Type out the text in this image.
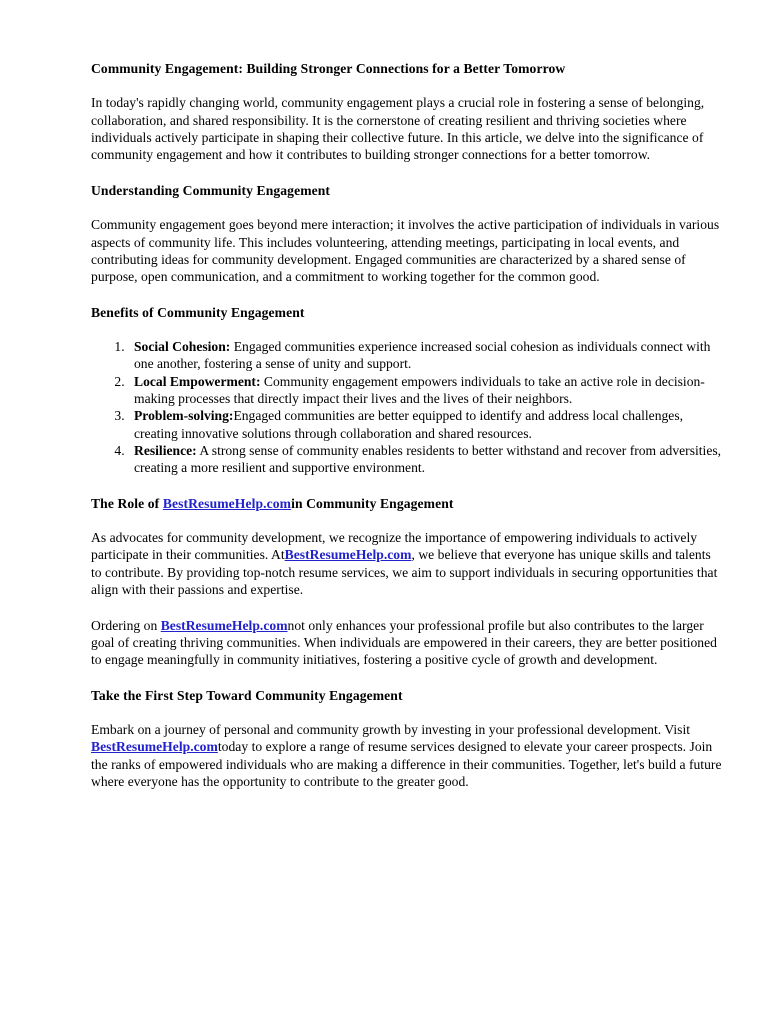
Community Engagement: Building Stronger Connections for a Better Tomorrow

In today's rapidly changing world, community engagement plays a crucial role in fostering a sense of belonging, collaboration, and shared responsibility. It is the cornerstone of creating resilient and thriving societies where individuals actively participate in shaping their collective future. In this article, we delve into the significance of community engagement and how it contributes to building stronger connections for a better tomorrow.

Understanding Community Engagement

Community engagement goes beyond mere interaction; it involves the active participation of individuals in various aspects of community life. This includes volunteering, attending meetings, participating in local events, and contributing ideas for community development. Engaged communities are characterized by a shared sense of purpose, open communication, and a commitment to working together for the common good.

Benefits of Community Engagement
1. Social Cohesion: Engaged communities experience increased social cohesion as individuals connect with one another, fostering a sense of unity and support.
2. Local Empowerment: Community engagement empowers individuals to take an active role in decision-making processes that directly impact their lives and the lives of their neighbors.
3. Problem-solving:Engaged communities are better equipped to identify and address local challenges, creating innovative solutions through collaboration and shared resources.
4. Resilience: A strong sense of community enables residents to better withstand and recover from adversities, creating a more resilient and supportive environment.
The Role of BestResumeHelp.comin Community Engagement

As advocates for community development, we recognize the importance of empowering individuals to actively participate in their communities. AtBestResumeHelp.com, we believe that everyone has unique skills and talents to contribute. By providing top-notch resume services, we aim to support individuals in securing opportunities that align with their passions and expertise.

Ordering on BestResumeHelp.comnot only enhances your professional profile but also contributes to the larger goal of creating thriving communities. When individuals are empowered in their careers, they are better positioned to engage meaningfully in community initiatives, fostering a positive cycle of growth and development.

Take the First Step Toward Community Engagement

Embark on a journey of personal and community growth by investing in your professional development. Visit BestResumeHelp.comtoday to explore a range of resume services designed to elevate your career prospects. Join the ranks of empowered individuals who are making a difference in their communities. Together, let's build a future where everyone has the opportunity to contribute to the greater good.
